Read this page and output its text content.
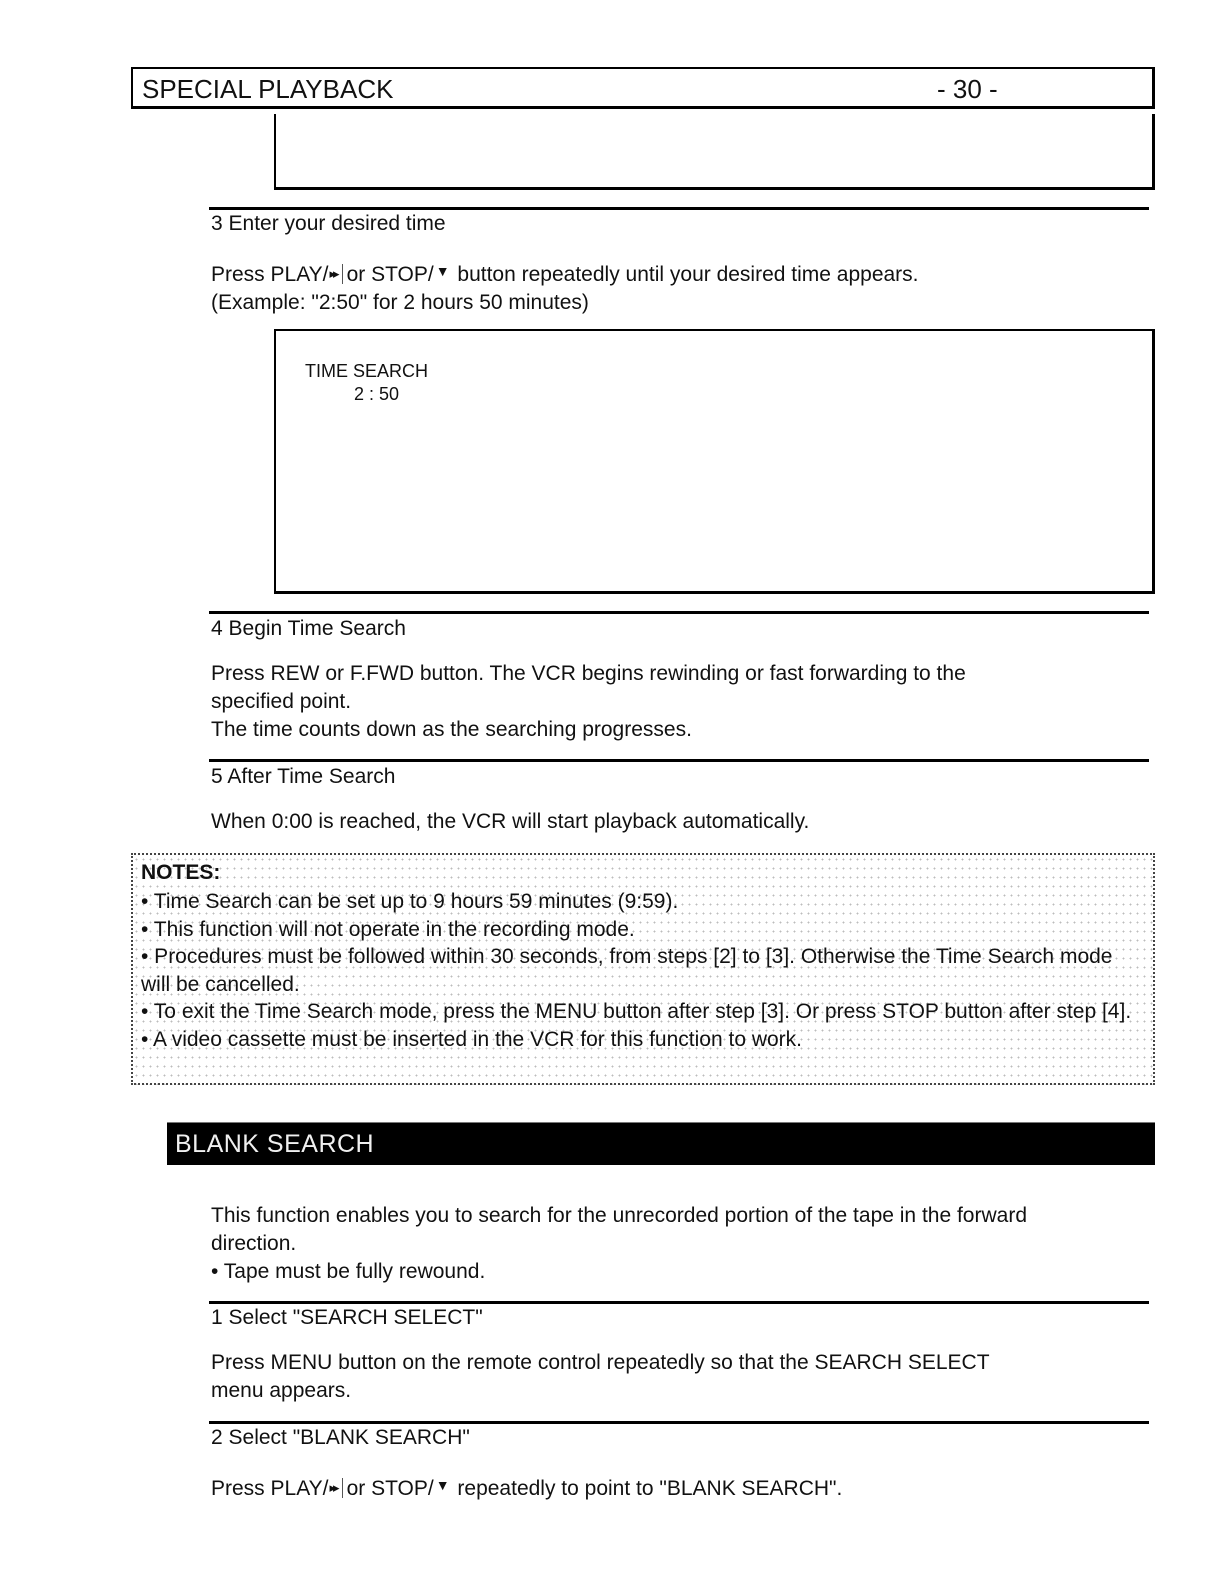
SPECIAL PLAYBACK	- 30 -
3 Enter your desired time
Press PLAY/▸▸ or STOP/ ▼ button repeatedly until your desired time appears.
(Example: "2:50" for 2 hours 50 minutes)
TIME SEARCH
2 : 50
4 Begin Time Search
Press REW or F.FWD button. The VCR begins rewinding or fast forwarding to the
specified point.
The time counts down as the searching progresses.
5 After Time Search
When 0:00 is reached, the VCR will start playback automatically.
NOTES:
• Time Search can be set up to 9 hours 59 minutes (9:59).
• This function will not operate in the recording mode.
• Procedures must be followed within 30 seconds, from steps [2] to [3]. Otherwise the Time Search mode will be cancelled.
• To exit the Time Search mode, press the MENU button after step [3]. Or press STOP button after step [4].
• A video cassette must be inserted in the VCR for this function to work.
BLANK SEARCH
This function enables you to search for the unrecorded portion of the tape in the forward
direction.
• Tape must be fully rewound.
1 Select "SEARCH SELECT"
Press MENU button on the remote control repeatedly so that the SEARCH SELECT
menu appears.
2 Select "BLANK SEARCH"
Press PLAY/▸▸ or STOP/ ▼ repeatedly to point to "BLANK SEARCH".
